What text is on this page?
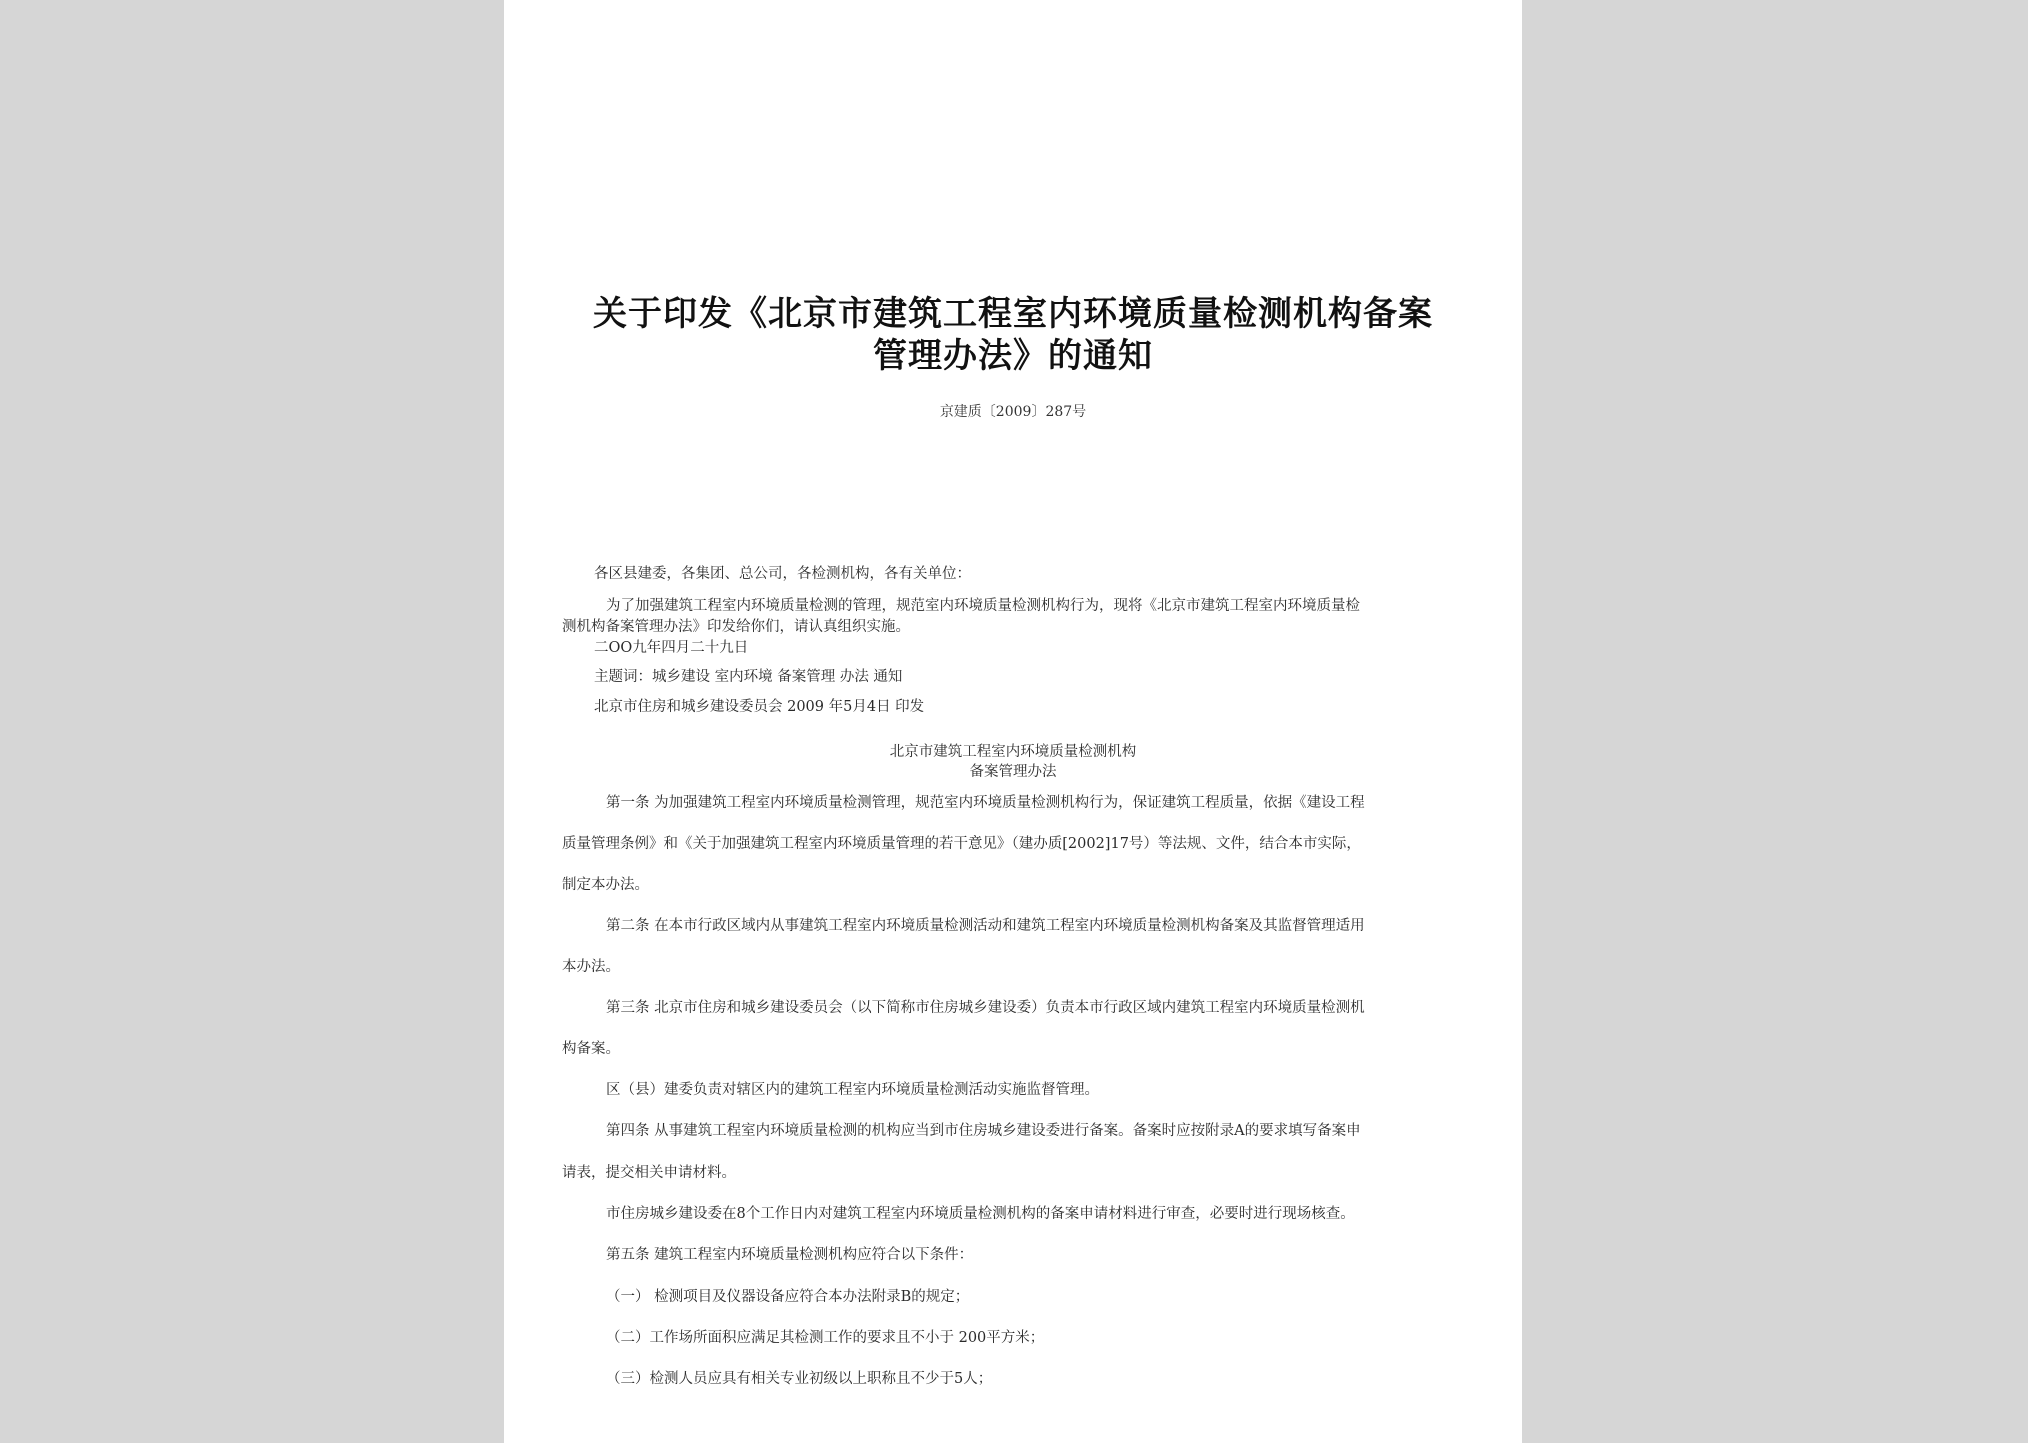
关于印发《北京市建筑工程室内环境质量检测机构备案
管理办法》的通知
京建质〔2009〕287号
各区县建委，各集团、总公司，各检测机构，各有关单位：
为了加强建筑工程室内环境质量检测的管理，规范室内环境质量检测机构行为，现将《北京市建筑工程室内环境质量检
测机构备案管理办法》印发给你们，请认真组织实施。
二OO九年四月二十九日
主题词：城乡建设 室内环境 备案管理 办法 通知
北京市住房和城乡建设委员会 2009 年5月4日 印发
北京市建筑工程室内环境质量检测机构
备案管理办法
第一条 为加强建筑工程室内环境质量检测管理，规范室内环境质量检测机构行为，保证建筑工程质量，依据《建设工程
质量管理条例》和《关于加强建筑工程室内环境质量管理的若干意见》（建办质[2002]17号）等法规、文件，结合本市实际，
制定本办法。
第二条 在本市行政区域内从事建筑工程室内环境质量检测活动和建筑工程室内环境质量检测机构备案及其监督管理适用
本办法。
第三条 北京市住房和城乡建设委员会（以下简称市住房城乡建设委）负责本市行政区域内建筑工程室内环境质量检测机
构备案。
区（县）建委负责对辖区内的建筑工程室内环境质量检测活动实施监督管理。
第四条 从事建筑工程室内环境质量检测的机构应当到市住房城乡建设委进行备案。备案时应按附录A的要求填写备案申
请表，提交相关申请材料。
市住房城乡建设委在8个工作日内对建筑工程室内环境质量检测机构的备案申请材料进行审查，必要时进行现场核查。
第五条 建筑工程室内环境质量检测机构应符合以下条件：
（一） 检测项目及仪器设备应符合本办法附录B的规定；
（二）工作场所面积应满足其检测工作的要求且不小于 200平方米；
（三）检测人员应具有相关专业初级以上职称且不少于5人；
